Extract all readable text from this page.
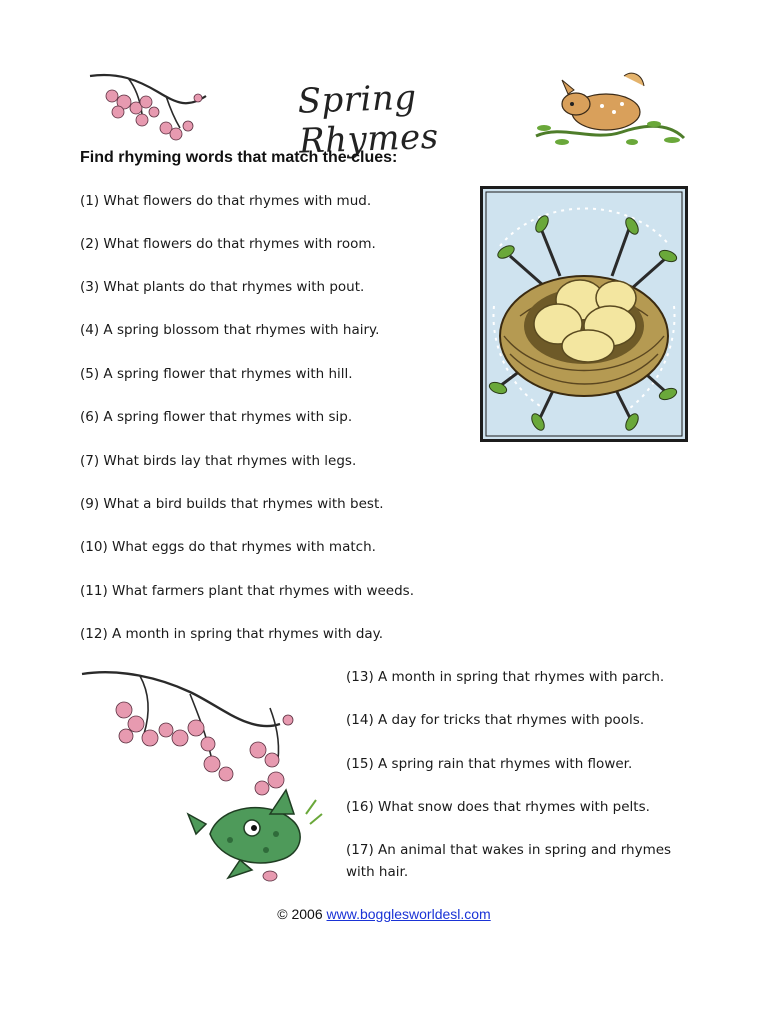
Spring Rhymes
Find rhyming words that match the clues:
(1) What flowers do that rhymes with mud.
(2) What flowers do that rhymes with room.
(3) What plants do that rhymes with pout.
(4) A spring blossom that rhymes with hairy.
(5) A spring flower that rhymes with hill.
(6) A spring flower that rhymes with sip.
(7) What birds lay that rhymes with legs.
(9) What a bird builds that rhymes with best.
(10) What eggs do that rhymes with match.
(11) What farmers plant that rhymes with weeds.
(12) A month in spring that rhymes with day.
(13) A month in spring that rhymes with parch.
(14) A day for tricks that rhymes with pools.
(15) A spring rain that rhymes with flower.
(16) What snow does that rhymes with pelts.
(17) An animal that wakes in spring and rhymes with hair.
© 2006 www.bogglesworldesl.com
